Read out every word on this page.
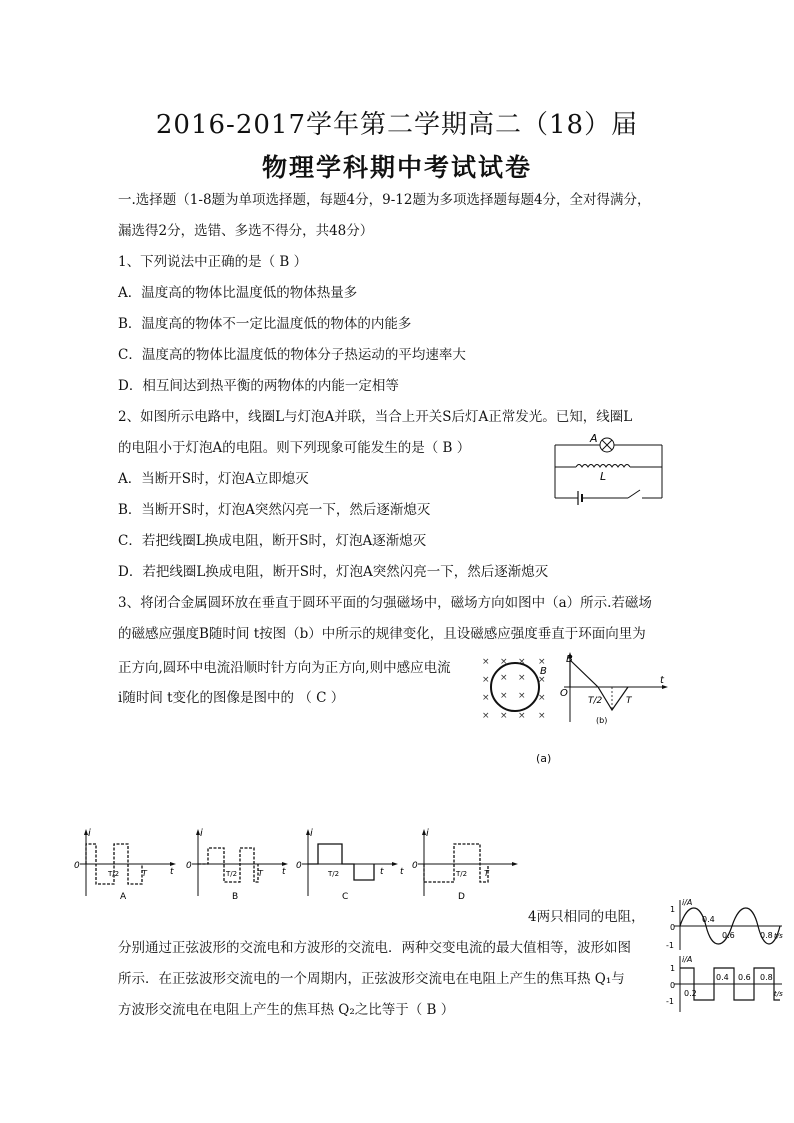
2016-2017学年第二学期高二（18）届
物理学科期中考试试卷
一.选择题（1-8题为单项选择题，每题4分，9-12题为多项选择题每题4分，全对得满分，
漏选得2分，选错、多选不得分，共48分）
1、下列说法中正确的是（ B ）
A．温度高的物体比温度低的物体热量多
B．温度高的物体不一定比温度低的物体的内能多
C．温度高的物体比温度低的物体分子热运动的平均速率大
D．相互间达到热平衡的两物体的内能一定相等
2、如图所示电路中，线圈L与灯泡A并联，当合上开关S后灯A正常发光。已知，线圈L
的电阻小于灯泡A的电阻。则下列现象可能发生的是（ B ）
A．当断开S时，灯泡A立即熄灭
B．当断开S时，灯泡A突然闪亮一下，然后逐渐熄灭
C．若把线圈L换成电阻，断开S时，灯泡A逐渐熄灭
D．若把线圈L换成电阻，断开S时，灯泡A突然闪亮一下，然后逐渐熄灭
A
L
3、将闭合金属圆环放在垂直于圆环平面的匀强磁场中，磁场方向如图中（a）所示.若磁场
的磁感应强度B随时间 t按图（b）中所示的规律变化，且设磁感应强度垂直于环面向里为
正方向,圆环中电流沿顺时针方向为正方向,则中感应电流
i随时间 t变化的图像是图中的 （ C ）
× × × ×
× × × ×
× × × ×
× × × ×
B
B
O
T/2	T
t
(b)
(a)
i
0
T/2	T	t
A
i
0
T/2	T t
B
i
0
T/2	t
C
i
0
T/2 T
t
D
4两只相同的电阻，
分别通过正弦波形的交流电和方波形的交流电．两种交变电流的最大值相等，波形如图
所示．在正弦波形交流电的一个周期内，正弦波形交流电在电阻上产生的焦耳热 Q₁与
方波形交流电在电阻上产生的焦耳热 Q₂之比等于（ B ）
i/A
1
0
-1
0.4
0.6	0.8 t/s
i/A
1
0
-1
0.2
0.4 0.6 0.8
t/s
